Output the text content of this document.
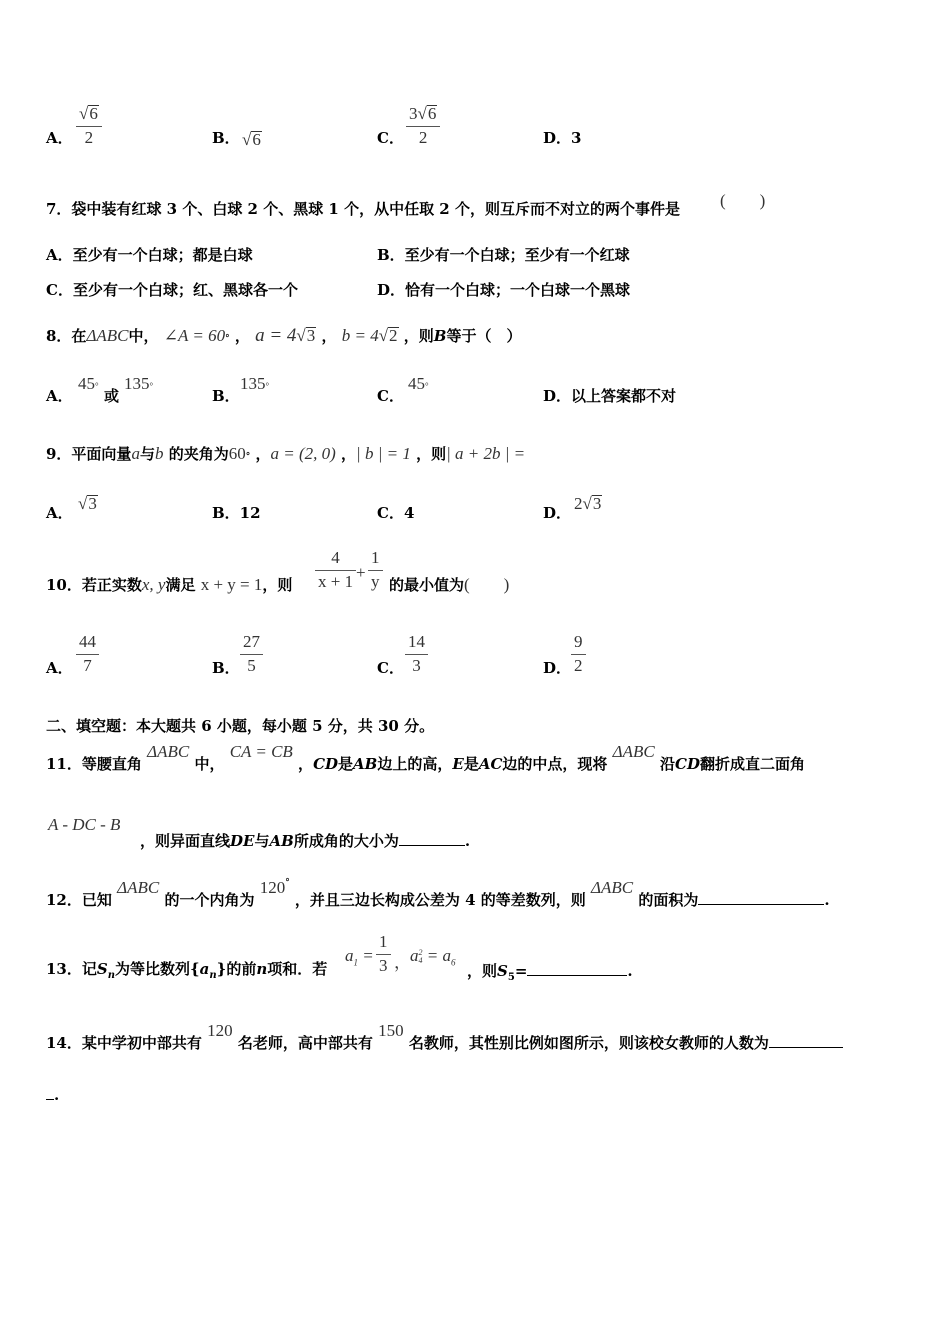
A．
√6
2	B． √6	C．
3√6
2	D．3
7．袋中装有红球 3 个、白球 2 个、黑球 1 个，从中任取 2 个，则互斥而不对立的两个事件是 (　　)
A．至少有一个白球；都是白球	B．至少有一个白球；至少有一个红球
C．至少有一个白球；红、黑球各一个	D．恰有一个白球；一个白球一个黑球
8．在ΔABC中， ∠A = 60° ， a = 4√3 ， b = 4√2 ，则B等于（　）
A．
45°
或
135°
B．
135°
C．
45°
D．以上答案都不对
9．平面向量a与b 的夹角为60° ，a = (2, 0) ，| b | = 1 ，则| a + 2b | =
A． √3	B．12	C．4	D． 2√3
10．若正实数x, y满足 x + y = 1，则
4
x + 1 +
1
y 的最小值为(　　)
A．
44
7	B．
27
5	C．
14
3	D．
9
2
二、填空题：本大题共 6 小题，每小题 5 分，共 30 分。
11．等腰直角 ΔABC 中， CA = CB ，CD是AB边上的高，E是AC边的中点，现将 ΔABC 沿CD翻折成直二面角
A - DC - B
，则异面直线DE与AB所成角的大小为	.
12．已知 ΔABC 的一个内角为 120° ，并且三边长构成公差为 4 的等差数列，则 ΔABC 的面积为	.
13．记$S_n$为等比数列$\{a_n\}$的前n项和．若
$a_1$ =
1
3 ， a2
$4 = a_6$ ，则$S_5=$	.
14．某中学初中部共有 120 名老师，高中部共有 150 名教师，其性别比例如图所示，则该校女教师的人数为
.
